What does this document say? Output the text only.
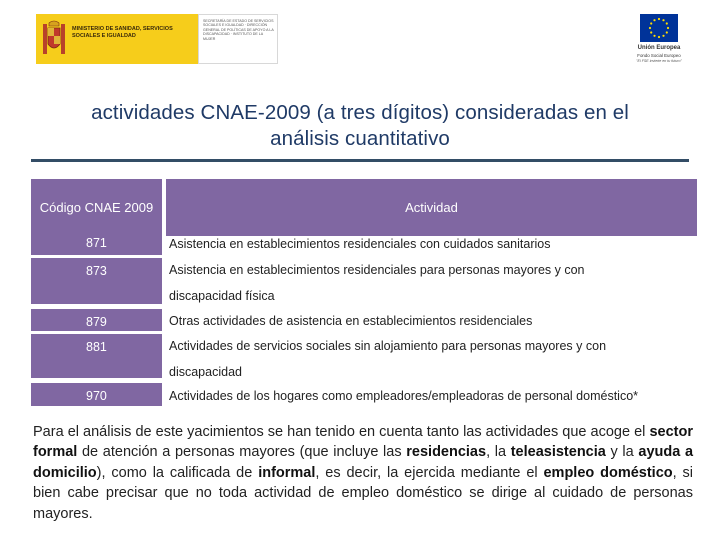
MINISTERIO DE SANIDAD, SERVICIOS SOCIALES E IGUALDAD
SECRETARÍA DE ESTADO DE SERVICIOS SOCIALES E IGUALDAD · DIRECCIÓN GENERAL DE POLÍTICAS DE APOYO A LA DISCAPACIDAD · INSTITUTO DE LA MUJER
Unión Europea
Fondo Social Europeo
"El FSE invierte en tu futuro"
actividades CNAE-2009 (a tres dígitos) consideradas en el
análisis cuantitativo
Código CNAE 2009	Actividad
871	Asistencia en establecimientos residenciales con cuidados sanitarios
873	Asistencia en establecimientos residenciales para personas mayores y con discapacidad física
879	Otras actividades de asistencia en establecimientos residenciales
881	Actividades de servicios sociales sin alojamiento para personas mayores y con discapacidad
970	Actividades de los hogares como empleadores/empleadoras de personal doméstico*
Para el análisis de este yacimientos se han tenido en cuenta tanto las actividades que acoge el sector formal de atención a personas mayores (que incluye las residencias, la teleasistencia y la ayuda a domicilio), como la calificada de informal, es decir, la ejercida mediante el empleo doméstico, si bien cabe precisar que no toda actividad de empleo doméstico se dirige al cuidado de personas mayores.
